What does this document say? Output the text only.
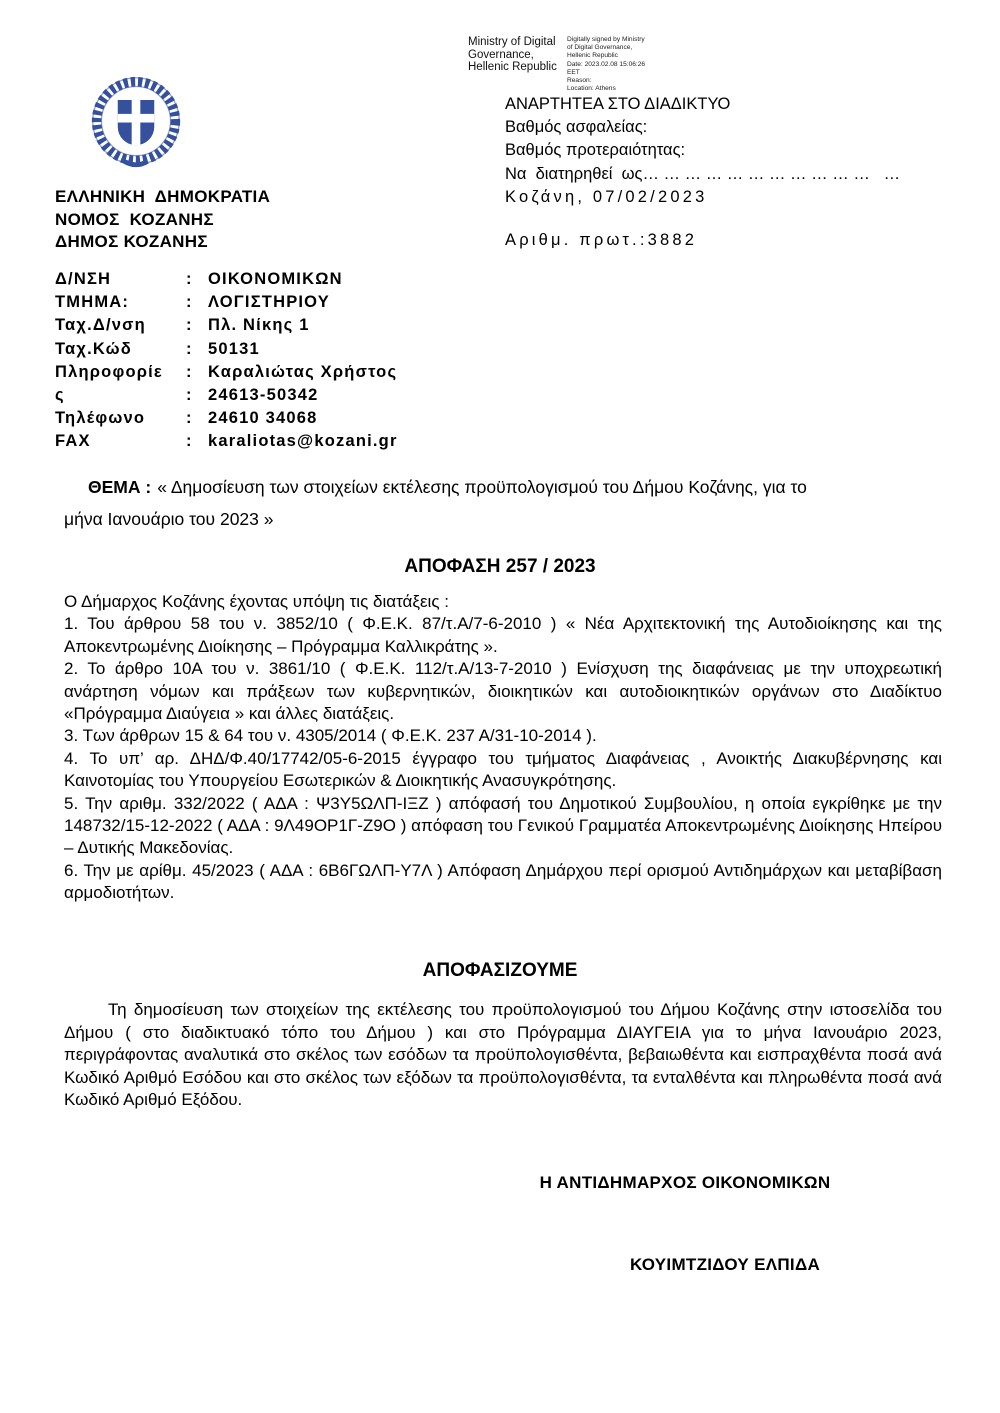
Ministry of Digital
Governance,
Hellenic Republic
Digitally signed by Ministry
of Digital Governance,
Hellenic Republic
Date: 2023.02.08 15:06:26
EET
Reason:
Location: Athens
ΑΝΑΡΤΗΤΕΑ ΣΤΟ ΔΙΑΔΙΚΤΥΟ
Βαθμός ασφαλείας:
Βαθμός προτεραιότητας:
Να  διατηρηθεί  ως… … … … … … … … … … …   …
Κοζάνη, 07/02/2023
Αριθμ. πρωτ.:3882
ΕΛΛΗΝΙΚΗ  ΔΗΜΟΚΡΑΤΙΑ
ΝΟΜΟΣ  ΚΟΖΑΝΗΣ
ΔΗΜΟΣ ΚΟΖΑΝΗΣ
Δ/ΝΣΗ	: ΟΙΚΟΝΟΜΙΚΩΝ
ΤΜΗΜΑ:	: ΛΟΓΙΣΤΗΡΙΟΥ
Ταχ.Δ/νση	: Πλ. Νίκης 1
Ταχ.Κώδ	: 50131
Πληροφορίε	: Καραλιώτας Χρήστος
ς	: 24613-50342
Τηλέφωνο	: 24610 34068
FAX	: karaliotas@kozani.gr
ΘΕΜΑ : « Δημοσίευση των στοιχείων εκτέλεσης προϋπολογισμού του Δήμου Κοζάνης, για το
μήνα Ιανουάριο του 2023 »
ΑΠΟΦΑΣΗ 257 / 2023
Ο Δήμαρχος Κοζάνης έχοντας υπόψη τις διατάξεις :
1. Του άρθρου 58 του ν. 3852/10 ( Φ.Ε.Κ. 87/τ.Α/7-6-2010 ) « Νέα Αρχιτεκτονική της Αυτοδιοίκησης και της Αποκεντρωμένης Διοίκησης – Πρόγραμμα Καλλικράτης ».
2. Το άρθρο 10Α του ν. 3861/10 ( Φ.Ε.Κ. 112/τ.Α/13-7-2010 ) Ενίσχυση της διαφάνειας με την υποχρεωτική ανάρτηση νόμων και πράξεων των κυβερνητικών, διοικητικών και αυτοδιοικητικών οργάνων στο Διαδίκτυο «Πρόγραμμα Διαύγεια » και άλλες διατάξεις.
3. Των άρθρων 15 & 64 του ν. 4305/2014 ( Φ.Ε.Κ. 237 Α/31-10-2014 ).
4. Το υπ’ αρ. ΔΗΔ/Φ.40/17742/05-6-2015 έγγραφο του τμήματος Διαφάνειας , Ανοικτής Διακυβέρνησης και Καινοτομίας του Υπουργείου Εσωτερικών & Διοικητικής Ανασυγκρότησης.
5. Την αριθμ. 332/2022 ( ΑΔΑ : Ψ3Υ5ΩΛΠ-ΙΞΖ ) απόφασή του Δημοτικού Συμβουλίου, η οποία εγκρίθηκε με την 148732/15-12-2022 ( ΑΔΑ : 9Λ49ΟΡ1Γ-Ζ9Ο ) απόφαση του Γενικού Γραμματέα Αποκεντρωμένης Διοίκησης Ηπείρου – Δυτικής Μακεδονίας.
6. Την με αρίθμ. 45/2023 ( ΑΔΑ : 6Β6ΓΩΛΠ-Υ7Λ ) Απόφαση Δημάρχου περί ορισμού Αντιδημάρχων και μεταβίβαση αρμοδιοτήτων.
ΑΠΟΦΑΣΙΖΟΥΜΕ
Τη δημοσίευση των στοιχείων της εκτέλεσης του προϋπολογισμού του Δήμου Κοζάνης στην ιστοσελίδα του Δήμου ( στο διαδικτυακό τόπο του Δήμου ) και στο Πρόγραμμα ΔΙΑΥΓΕΙΑ για το μήνα Ιανουάριο 2023, περιγράφοντας αναλυτικά στο σκέλος των εσόδων τα προϋπολογισθέντα, βεβαιωθέντα και εισπραχθέντα ποσά ανά Κωδικό Αριθμό Εσόδου και στο σκέλος των εξόδων τα προϋπολογισθέντα, τα ενταλθέντα και πληρωθέντα ποσά ανά Κωδικό Αριθμό Εξόδου.
Η ΑΝΤΙΔΗΜΑΡΧΟΣ ΟΙΚΟΝΟΜΙΚΩΝ
ΚΟΥΙΜΤΖΙΔΟΥ ΕΛΠΙΔΑ
